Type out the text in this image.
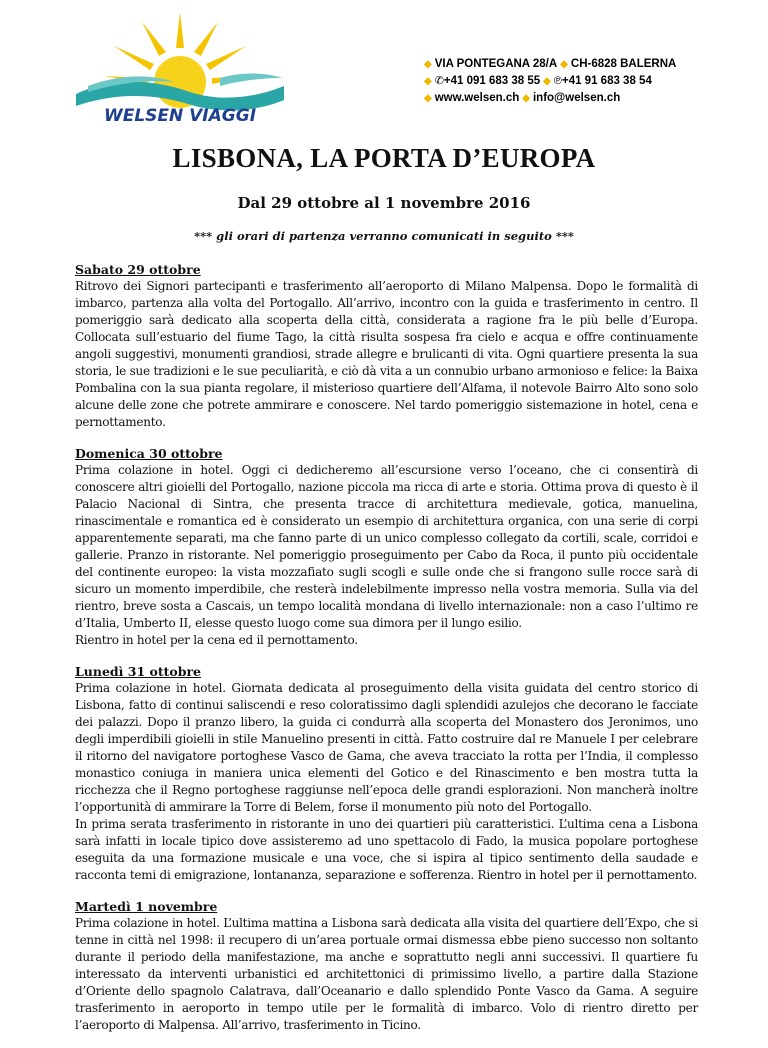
WELSEN VIAGGI
◆ VIA PONTEGANA 28/A ◆ CH-6828 BALERNA
◆ ✆+41 091 683 38 55 ◆ ℗+41 91 683 38 54
◆ www.welsen.ch ◆ info@welsen.ch
LISBONA, LA PORTA D’EUROPA
Dal 29 ottobre al 1 novembre 2016
*** gli orari di partenza verranno comunicati in seguito ***
Sabato 29 ottobre
Ritrovo dei Signori partecipanti e trasferimento all’aeroporto di Milano Malpensa. Dopo le formalità di imbarco, partenza alla volta del Portogallo. All’arrivo, incontro con la guida e trasferimento in centro. Il pomeriggio sarà dedicato alla scoperta della città, considerata a ragione fra le più belle d’Europa. Collocata sull’estuario del fiume Tago, la città risulta sospesa fra cielo e acqua e offre continuamente angoli suggestivi, monumenti grandiosi, strade allegre e brulicanti di vita. Ogni quartiere presenta la sua storia, le sue tradizioni e le sue peculiarità, e ciò dà vita a un connubio urbano armonioso e felice: la Baixa Pombalina con la sua pianta regolare, il misterioso quartiere dell’Alfama, il notevole Bairro Alto sono solo alcune delle zone che potrete ammirare e conoscere. Nel tardo pomeriggio sistemazione in hotel, cena e pernottamento.
Domenica 30 ottobre
Prima colazione in hotel. Oggi ci dedicheremo all’escursione verso l’oceano, che ci consentirà di conoscere altri gioielli del Portogallo, nazione piccola ma ricca di arte e storia. Ottima prova di questo è il Palacio Nacional di Sintra, che presenta tracce di architettura medievale, gotica, manuelina, rinascimentale e romantica ed è considerato un esempio di architettura organica, con una serie di corpi apparentemente separati, ma che fanno parte di un unico complesso collegato da cortili, scale, corridoi e gallerie. Pranzo in ristorante. Nel pomeriggio proseguimento per Cabo da Roca, il punto più occidentale del continente europeo: la vista mozzafiato sugli scogli e sulle onde che si frangono sulle rocce sarà di sicuro un momento imperdibile, che resterà indelebilmente impresso nella vostra memoria. Sulla via del rientro, breve sosta a Cascais, un tempo località mondana di livello internazionale: non a caso l’ultimo re d’Italia, Umberto II, elesse questo luogo come sua dimora per il lungo esilio.
Rientro in hotel per la cena ed il pernottamento.
Lunedì 31 ottobre
Prima colazione in hotel. Giornata dedicata al proseguimento della visita guidata del centro storico di Lisbona, fatto di continui saliscendi e reso coloratissimo dagli splendidi azulejos che decorano le facciate dei palazzi. Dopo il pranzo libero, la guida ci condurrà alla scoperta del Monastero dos Jeronimos, uno degli imperdibili gioielli in stile Manuelino presenti in città. Fatto costruire dal re Manuele I per celebrare il ritorno del navigatore portoghese Vasco de Gama, che aveva tracciato la rotta per l’India, il complesso monastico coniuga in maniera unica elementi del Gotico e del Rinascimento e ben mostra tutta la ricchezza che il Regno portoghese raggiunse nell’epoca delle grandi esplorazioni. Non mancherà inoltre l’opportunità di ammirare la Torre di Belem, forse il monumento più noto del Portogallo.
In prima serata trasferimento in ristorante in uno dei quartieri più caratteristici. L’ultima cena a Lisbona sarà infatti in locale tipico dove assisteremo ad uno spettacolo di Fado, la musica popolare portoghese eseguita da una formazione musicale e una voce, che si ispira al tipico sentimento della saudade e racconta temi di emigrazione, lontananza, separazione e sofferenza. Rientro in hotel per il pernottamento.
Martedì 1 novembre
Prima colazione in hotel. L’ultima mattina a Lisbona sarà dedicata alla visita del quartiere dell’Expo, che si tenne in città nel 1998: il recupero di un’area portuale ormai dismessa ebbe pieno successo non soltanto durante il periodo della manifestazione, ma anche e soprattutto negli anni successivi. Il quartiere fu interessato da interventi urbanistici ed architettonici di primissimo livello, a partire dalla Stazione d’Oriente dello spagnolo Calatrava, dall’Oceanario e dallo splendido Ponte Vasco da Gama. A seguire trasferimento in aeroporto in tempo utile per le formalità di imbarco. Volo di rientro diretto per l’aeroporto di Malpensa. All’arrivo, trasferimento in Ticino.
